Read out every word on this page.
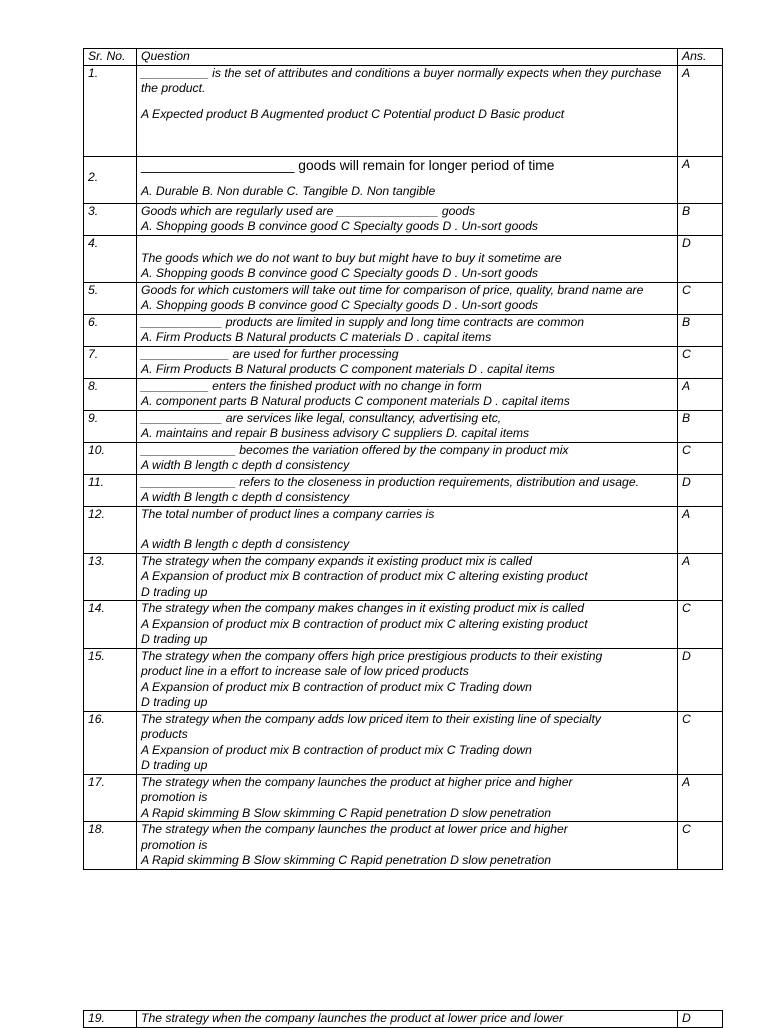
Sr. No.	Question	Ans.
1.	__________ is the set of attributes and conditions a buyer normally expects when they purchase the product.
A Expected product B Augmented product C Potential product D Basic product	A

2.	____________________ goods will remain for longer period of time
A. Durable B. Non durable C. Tangible D. Non tangible	A
3.	Goods which are regularly used are _______________ goods
A. Shopping goods B convince good C Specialty goods D . Un-sort goods	B
4.	The goods which we do not want to buy but might have to buy it sometime are
A. Shopping goods B convince good C Specialty goods D . Un-sort goods	D
5.	Goods for which customers will take out time for comparison of price, quality, brand name are
A. Shopping goods B convince good C Specialty goods D . Un-sort goods	C
6.	____________ products are limited in supply and long time contracts are common
A. Firm Products B Natural products C materials D . capital items	B
7.	_____________ are used for further processing
A. Firm Products B Natural products C component materials D . capital items	C
8.	__________ enters the finished product with no change in form
A. component parts B Natural products C component materials D . capital items	A
9.	____________ are services like legal, consultancy, advertising etc,
A. maintains and repair B business advisory C suppliers D. capital items	B
10.	______________ becomes the variation offered by the company in product mix
A width B length c depth d consistency	C
11.	______________ refers to the closeness in production requirements, distribution and usage.
A width B length c depth d consistency	D
12.	The total number of product lines a company carries is
A width B length c depth d consistency	A
13.	The strategy when the company expands it existing product mix is called
A Expansion of product mix B contraction of product mix C altering existing product
D trading up	A
14.	The strategy when the company makes changes in it existing product mix is called
A Expansion of product mix B contraction of product mix C altering existing product
D trading up	C
15.	The strategy when the company offers high price prestigious products to their existing
product line in a effort to increase sale of low priced products
A Expansion of product mix B contraction of product mix C Trading down
D trading up	D
16.	The strategy when the company adds low priced item to their existing line of specialty
products
A Expansion of product mix B contraction of product mix C Trading down
D trading up	C
17.	The strategy when the company launches the product at higher price and higher
promotion is
A Rapid skimming B Slow skimming C Rapid penetration D slow penetration	A
18.	The strategy when the company launches the product at lower price and higher
promotion is
A Rapid skimming B Slow skimming C Rapid penetration D slow penetration	C
19.	The strategy when the company launches the product at lower price and lower	D
